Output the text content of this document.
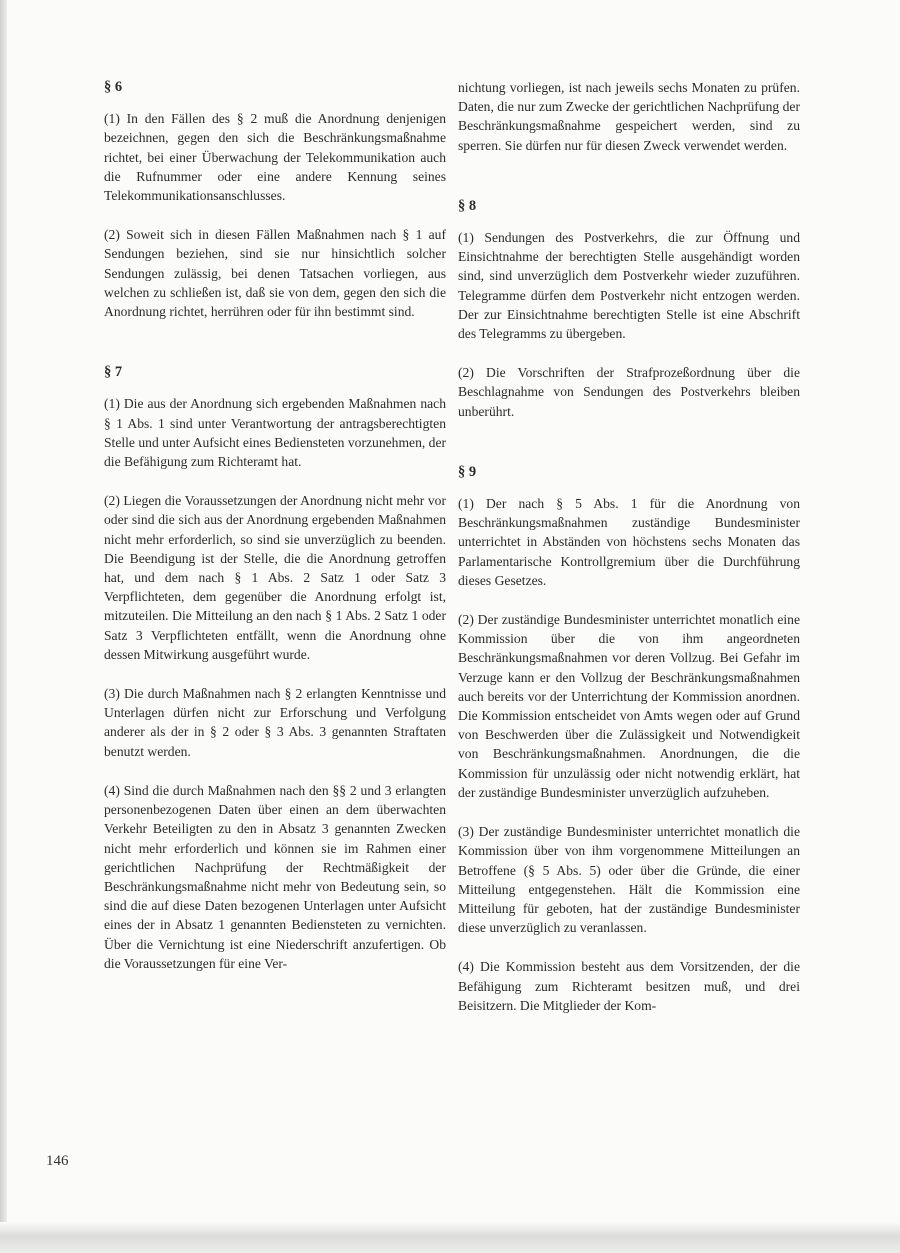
§ 6

(1) In den Fällen des § 2 muß die Anordnung denjenigen bezeichnen, gegen den sich die Beschränkungsmaßnahme richtet, bei einer Überwachung der Telekommunikation auch die Rufnummer oder eine andere Kennung seines Telekommunikationsanschlusses.

(2) Soweit sich in diesen Fällen Maßnahmen nach § 1 auf Sendungen beziehen, sind sie nur hinsichtlich solcher Sendungen zulässig, bei denen Tatsachen vorliegen, aus welchen zu schließen ist, daß sie von dem, gegen den sich die Anordnung richtet, herrühren oder für ihn bestimmt sind.

§ 7

(1) Die aus der Anordnung sich ergebenden Maßnahmen nach § 1 Abs. 1 sind unter Verantwortung der antragsberechtigten Stelle und unter Aufsicht eines Bediensteten vorzunehmen, der die Befähigung zum Richteramt hat.

(2) Liegen die Voraussetzungen der Anordnung nicht mehr vor oder sind die sich aus der Anordnung ergebenden Maßnahmen nicht mehr erforderlich, so sind sie unverzüglich zu beenden. Die Beendigung ist der Stelle, die die Anordnung getroffen hat, und dem nach § 1 Abs. 2 Satz 1 oder Satz 3 Verpflichteten, dem gegenüber die Anordnung erfolgt ist, mitzuteilen. Die Mitteilung an den nach § 1 Abs. 2 Satz 1 oder Satz 3 Verpflichteten entfällt, wenn die Anordnung ohne dessen Mitwirkung ausgeführt wurde.

(3) Die durch Maßnahmen nach § 2 erlangten Kenntnisse und Unterlagen dürfen nicht zur Erforschung und Verfolgung anderer als der in § 2 oder § 3 Abs. 3 genannten Straftaten benutzt werden.

(4) Sind die durch Maßnahmen nach den §§ 2 und 3 erlangten personenbezogenen Daten über einen an dem überwachten Verkehr Beteiligten zu den in Absatz 3 genannten Zwecken nicht mehr erforderlich und können sie im Rahmen einer gerichtlichen Nachprüfung der Rechtmäßigkeit der Beschränkungsmaßnahme nicht mehr von Bedeutung sein, so sind die auf diese Daten bezogenen Unterlagen unter Aufsicht eines der in Absatz 1 genannten Bediensteten zu vernichten. Über die Vernichtung ist eine Niederschrift anzufertigen. Ob die Voraussetzungen für eine Ver-

nichtung vorliegen, ist nach jeweils sechs Monaten zu prüfen. Daten, die nur zum Zwecke der gerichtlichen Nachprüfung der Beschränkungsmaßnahme gespeichert werden, sind zu sperren. Sie dürfen nur für diesen Zweck verwendet werden.

§ 8

(1) Sendungen des Postverkehrs, die zur Öffnung und Einsichtnahme der berechtigten Stelle ausgehändigt worden sind, sind unverzüglich dem Postverkehr wieder zuzuführen. Telegramme dürfen dem Postverkehr nicht entzogen werden. Der zur Einsichtnahme berechtigten Stelle ist eine Abschrift des Telegramms zu übergeben.

(2) Die Vorschriften der Strafprozeßordnung über die Beschlagnahme von Sendungen des Postverkehrs bleiben unberührt.

§ 9

(1) Der nach § 5 Abs. 1 für die Anordnung von Beschränkungsmaßnahmen zuständige Bundesminister unterrichtet in Abständen von höchstens sechs Monaten das Parlamentarische Kontrollgremium über die Durchführung dieses Gesetzes.

(2) Der zuständige Bundesminister unterrichtet monatlich eine Kommission über die von ihm angeordneten Beschränkungsmaßnahmen vor deren Vollzug. Bei Gefahr im Verzuge kann er den Vollzug der Beschränkungsmaßnahmen auch bereits vor der Unterrichtung der Kommission anordnen. Die Kommission entscheidet von Amts wegen oder auf Grund von Beschwerden über die Zulässigkeit und Notwendigkeit von Beschränkungsmaßnahmen. Anordnungen, die die Kommission für unzulässig oder nicht notwendig erklärt, hat der zuständige Bundesminister unverzüglich aufzuheben.

(3) Der zuständige Bundesminister unterrichtet monatlich die Kommission über von ihm vorgenommene Mitteilungen an Betroffene (§ 5 Abs. 5) oder über die Gründe, die einer Mitteilung entgegenstehen. Hält die Kommission eine Mitteilung für geboten, hat der zuständige Bundesminister diese unverzüglich zu veranlassen.

(4) Die Kommission besteht aus dem Vorsitzenden, der die Befähigung zum Richteramt besitzen muß, und drei Beisitzern. Die Mitglieder der Kom-

146
